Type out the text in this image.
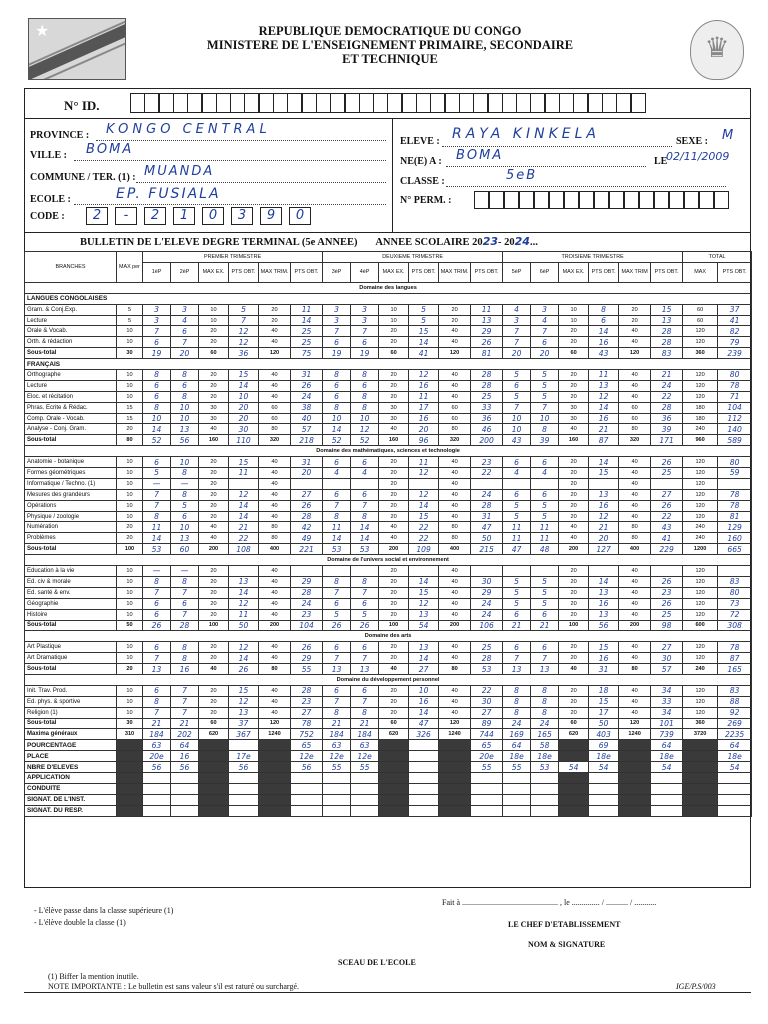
★	REPUBLIQUE DEMOCRATIQUE DU CONGO
MINISTERE DE L'ENSEIGNEMENT PRIMAIRE, SECONDAIRE
ET TECHNIQUE	♛
N° ID.
PROVINCE : KONGO CENTRAL
VILLE : BOMA
COMMUNE / TER. (1) : MUANDA
ECOLE :	EP. FUSIALA
CODE :	2	-	2	1	0	3	9	0
ELEVE : RAYA KINKELA	SEXE : M
NE(E) A : BOMA	LE
02/11/2009
CLASSE :	5eB
N° PERM. :
BULLETIN DE L'ELEVE DEGRE TERMINAL (5e ANNEE) ANNEE SCOLAIRE 2023- 2024...
BRANCHES	MAX per	PREMIER TRIMESTRE						DEUXIEME TRIMESTRE						TROISIEME TRIMESTRE						TOTAL	
		1èP	2èP	MAX EX.	PTS OBT.	MAX TRIM.	PTS OBT.	3èP	4èP	MAX EX.	PTS OBT.	MAX TRIM.	PTS OBT.	5èP	6èP	MAX EX.	PTS OBT.	MAX TRIM	PTS OBT.	MAX	PTS OBT.
Domaine des langues																					
LANGUES CONGOLAISES																					
Gram. & Conj.Exp.	5	3	3	10	5	20	11	3	3	10	5	20	11	4	3	10	8	20	15	60	37
Lecture	5	3	4	10	7	20	14	3	3	10	5	20	13	3	4	10	6	20	13	60	41
Orale & Vocab.	10	7	6	20	12	40	25	7	7	20	15	40	29	7	7	20	14	40	28	120	82
Orth. & rédaction	10	6	7	20	12	40	25	6	6	20	14	40	26	7	6	20	16	40	28	120	79
Sous-total	30	19	20	60	36	120	75	19	19	60	41	120	81	20	20	60	43	120	83	360	239
FRANÇAIS																					
Orthographe	10	8	8	20	15	40	31	8	8	20	12	40	28	5	5	20	11	40	21	120	80
Lecture	10	6	6	20	14	40	26	6	6	20	16	40	28	6	5	20	13	40	24	120	78
Eloc. et récitation	10	6	8	20	10	40	24	6	8	20	11	40	25	5	5	20	12	40	22	120	71
Phras. Ecrite & Rédac.	15	8	10	30	20	60	38	8	8	30	17	60	33	7	7	30	14	60	28	180	104
Comp. Orale - Vocab.	15	10	10	30	20	60	40	10	10	30	16	60	36	10	10	30	16	60	36	180	112
Analyse - Conj. Gram.	20	14	13	40	30	80	57	14	12	40	20	80	46	10	8	40	21	80	39	240	140
Sous-total	80	52	56	160	110	320	218	52	52	160	96	320	200	43	39	160	87	320	171	960	589
Domaine des mathématiques, sciences et technologie																					
Anatomie - botanique	10	6	10	20	15	40	31	6	6	20	11	40	23	6	6	20	14	40	26	120	80
Formes géométriques	10	5	8	20	11	40	20	4	4	20	12	40	22	4	4	20	15	40	25	120	59
Informatique / Techno. (1)	10	—	—	20		40				20		40				20		40		120	
Mesures des grandeurs	10	7	8	20	12	40	27	6	6	20	12	40	24	6	6	20	13	40	27	120	78
Opérations	10	7	5	20	14	40	26	7	7	20	14	40	28	5	5	20	16	40	26	120	78
Physique / zoologie	10	8	6	20	14	40	28	8	8	20	15	40	31	5	5	20	12	40	22	120	81
Numération	20	11	10	40	21	80	42	11	14	40	22	80	47	11	11	40	21	80	43	240	129
Problèmes	20	14	13	40	22	80	49	14	14	40	22	80	50	11	11	40	20	80	41	240	160
Sous-total	100	53	60	200	108	400	221	53	53	200	109	400	215	47	48	200	127	400	229	1200	665
Domaine de l'univers social et environnement																					
Education à la vie	10	—	—	20		40				20		40				20		40		120	
Ed. civ & morale	10	8	8	20	13	40	29	8	8	20	14	40	30	5	5	20	14	40	26	120	83
Ed. santé & env.	10	7	7	20	14	40	28	7	7	20	15	40	29	5	5	20	13	40	23	120	80
Géographie	10	6	6	20	12	40	24	6	6	20	12	40	24	5	5	20	16	40	26	120	73
Histoire	10	6	7	20	11	40	23	5	5	20	13	40	24	6	6	20	13	40	25	120	72
Sous-total	50	26	28	100	50	200	104	26	26	100	54	200	106	21	21	100	56	200	98	600	308
Domaine des arts																					
Art Plastique	10	6	8	20	12	40	26	6	6	20	13	40	25	6	6	20	15	40	27	120	78
Art Dramatique	10	7	8	20	14	40	29	7	7	20	14	40	28	7	7	20	16	40	30	120	87
Sous-total	20	13	16	40	26	80	55	13	13	40	27	80	53	13	13	40	31	80	57	240	165
Domaine du développement personnel																					
Init. Trav. Prod.	10	6	7	20	15	40	28	6	6	20	10	40	22	8	8	20	18	40	34	120	83
Ed. phys. & sportive	10	8	7	20	12	40	23	7	7	20	16	40	30	8	8	20	15	40	33	120	88
Religion (1)	10	7	7	20	13	40	27	8	8	20	14	40	27	8	8	20	17	40	34	120	92
Sous-total	30	21	21	60	37	120	78	21	21	60	47	120	89	24	24	60	50	120	101	360	269
Maxima généraux	310	184	202	620	367	1240	752	184	184	620	326	1240	744	169	165	620	403	1240	739	3720	2235
POURCENTAGE		63	64				65	63	63				65	64	58		69		64		64
PLACE		20e	16		17e		12e	12e	12e				20e	18e	18e		18e		18e		18e
NBRE D'ELEVES		56	56		56		56	55	55				55	55	53	54	54		54		54
APPLICATION																					
CONDUITE																					
SIGNAT. DE L'INST.																					
SIGNAT. DU RESP.																					
Fait à ................................................ , le .............. / ........... / ...........
- L'élève passe dans la classe supérieure (1)
- L'élève double la classe (1)	LE CHEF D'ETABLISSEMENT
NOM & SIGNATURE
SCEAU DE L'ECOLE
(1) Biffer la mention inutile.
NOTE IMPORTANTE : Le bulletin est sans valeur s'il est raturé ou surchargé.	IGE/P.S/003
